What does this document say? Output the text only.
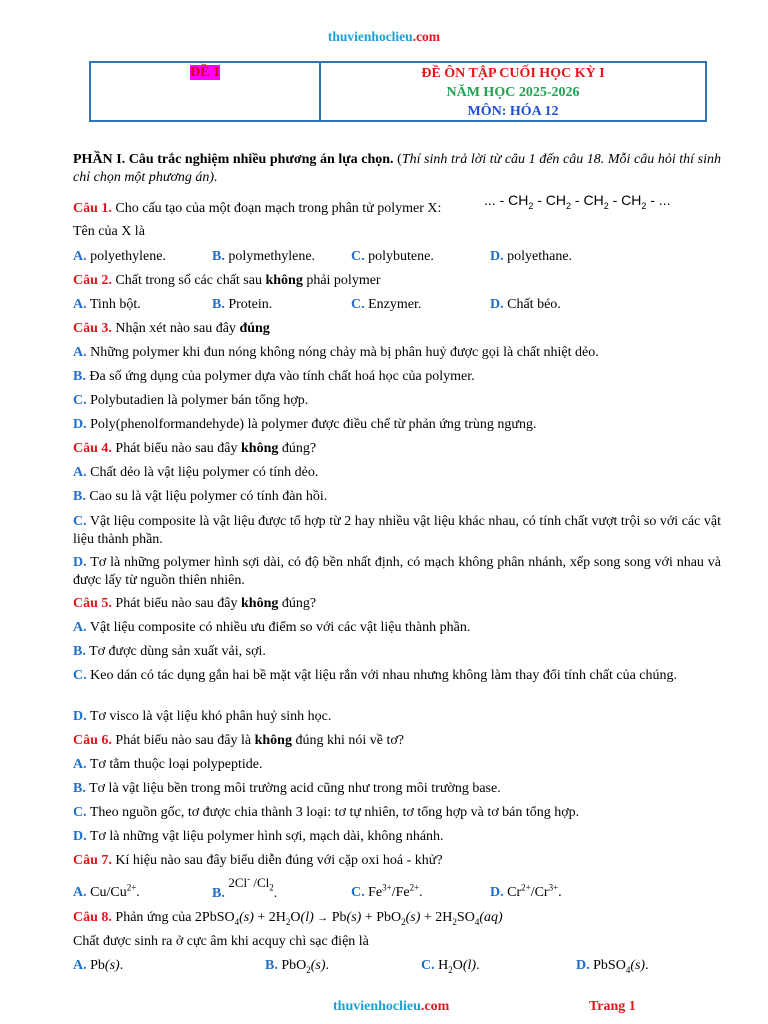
thuvienhoclieu.com
ĐỀ 1	ĐỀ ÔN TẬP CUỐI HỌC KỲ I
NĂM HỌC 2025-2026
MÔN: HÓA 12
PHẦN I. Câu trắc nghiệm nhiều phương án lựa chọn. (Thí sinh trả lời từ câu 1 đến câu 18. Mỗi câu hỏi thí sinh chỉ chọn một phương án).
Câu 1. Cho cấu tạo của một đoạn mạch trong phân tử polymer X:
... - $CH_2 - CH_2 - CH_2 - CH_2$ - ...
Tên của X là
A. polyethylene.	B. polymethylene.	C. polybutene.	D. polyethane.
Câu 2. Chất trong số các chất sau không phải polymer
A. Tinh bột.	B. Protein.	C. Enzymer.	D. Chất béo.
Câu 3. Nhận xét nào sau đây đúng
A. Những polymer khi đun nóng không nóng chảy mà bị phân huỷ được gọi là chất nhiệt dẻo.
B. Đa số ứng dụng của polymer dựa vào tính chất hoá học của polymer.
C. Polybutadien là polymer bán tổng hợp.
D. Poly(phenolformandehyde) là polymer được điều chế từ phản ứng trùng ngưng.
Câu 4. Phát biểu nào sau đây không đúng?
A. Chất dẻo là vật liệu polymer có tính dẻo.
B. Cao su là vật liệu polymer có tính đàn hồi.
C. Vật liệu composite là vật liệu được tổ hợp từ 2 hay nhiều vật liệu khác nhau, có tính chất vượt trội so với các vật liệu thành phần.
D. Tơ là những polymer hình sợi dài, có độ bền nhất định, có mạch không phân nhánh, xếp song song với nhau và được lấy từ nguồn thiên nhiên.
Câu 5. Phát biểu nào sau đây không đúng?
A. Vật liệu composite có nhiều ưu điểm so với các vật liệu thành phần.
B. Tơ được dùng sản xuất vải, sợi.
C. Keo dán có tác dụng gắn hai bề mặt vật liệu rắn với nhau nhưng không làm thay đổi tính chất của chúng.
D. Tơ visco là vật liệu khó phân huỷ sinh học.
Câu 6. Phát biểu nào sau đây là không đúng khi nói về tơ?
A. Tơ tằm thuộc loại polypeptide.
B. Tơ là vật liệu bền trong môi trường acid cũng như trong môi trường base.
C. Theo nguồn gốc, tơ được chia thành 3 loại: tơ tự nhiên, tơ tổng hợp và tơ bán tổng hợp.
D. Tơ là những vật liệu polymer hình sợi, mạch dài, không nhánh.
Câu 7. Kí hiệu nào sau đây biểu diễn đúng với cặp oxi hoá - khử?
A. $Cu/Cu^{2+}$.	B. 2Cl- $/Cl_2$.	C. $Fe^{3+}/Fe^{2+}$.	D. $Cr^{2+}/Cr^{3+}$.
Câu 8. Phản ứng của 2PbSO$_4$(s) + $2H_2O(l) \to Pb(s) + PbO_2(s) + 2H_2SO_4(aq)$
Chất được sinh ra ở cực âm khi acquy chì sạc điện là
A. Pb(s).	B. PbO$_2$(s).	C. $H_2O(l)$.	D. PbSO$_4$(s).
thuvienhoclieu.com	Trang 1
